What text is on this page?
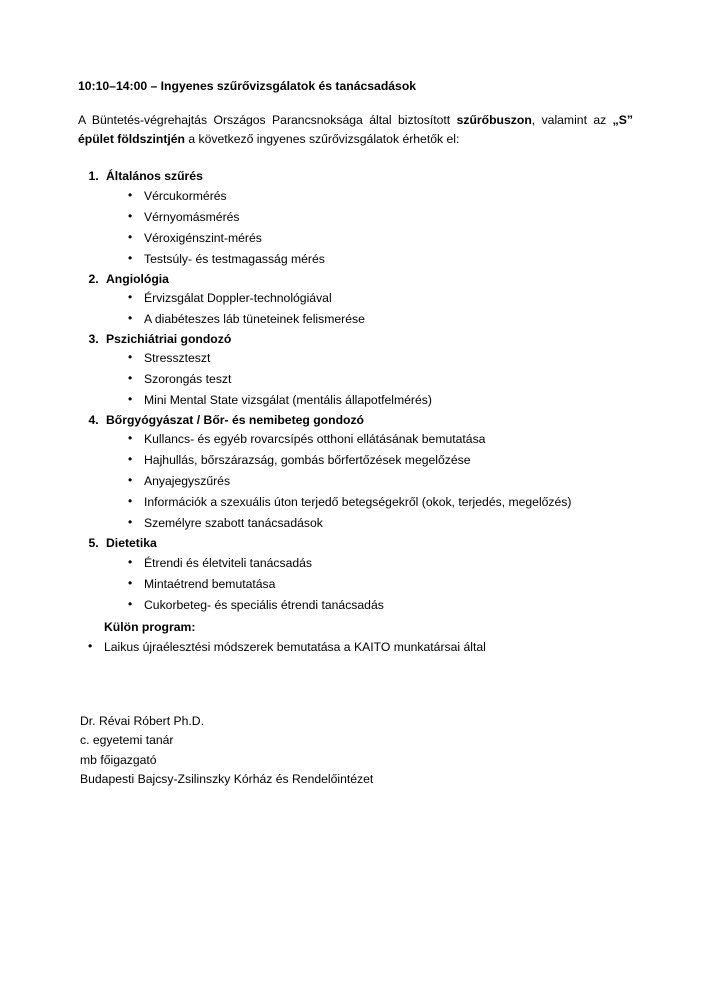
10:10–14:00 – Ingyenes szűrővizsgálatok és tanácsadások

A Büntetés-végrehajtás Országos Parancsnoksága által biztosított szűrőbuszon, valamint az „S” épület földszintjén a következő ingyenes szűrővizsgálatok érhetők el:

1. Általános szűrés
• Vércukormérés
• Vérnyomásmérés
• Véroxigénszint-mérés
• Testsúly- és testmagasság mérés
2. Angiológia
• Érvizsgálat Doppler-technológiával
• A diabéteszes láb tüneteinek felismerése
3. Pszichiátriai gondozó
• Stresszteszt
• Szorongás teszt
• Mini Mental State vizsgálat (mentális állapotfelmérés)
4. Bőrgyógyászat / Bőr- és nemibeteg gondozó
• Kullancs- és egyéb rovarcsípés otthoni ellátásának bemutatása
• Hajhullás, bőrszárazság, gombás bőrfertőzések megelőzése
• Anyajegyszűrés
• Információk a szexuális úton terjedő betegségekről (okok, terjedés, megelőzés)
• Személyre szabott tanácsadások
5. Dietetika
• Étrendi és életviteli tanácsadás
• Mintaétrend bemutatása
• Cukorbeteg- és speciális étrendi tanácsadás
Külön program:
• Laikus újraélesztési módszerek bemutatása a KAITO munkatársai által
Dr. Révai Róbert Ph.D.
c. egyetemi tanár
mb főigazgató
Budapesti Bajcsy-Zsilinszky Kórház és Rendelőintézet
